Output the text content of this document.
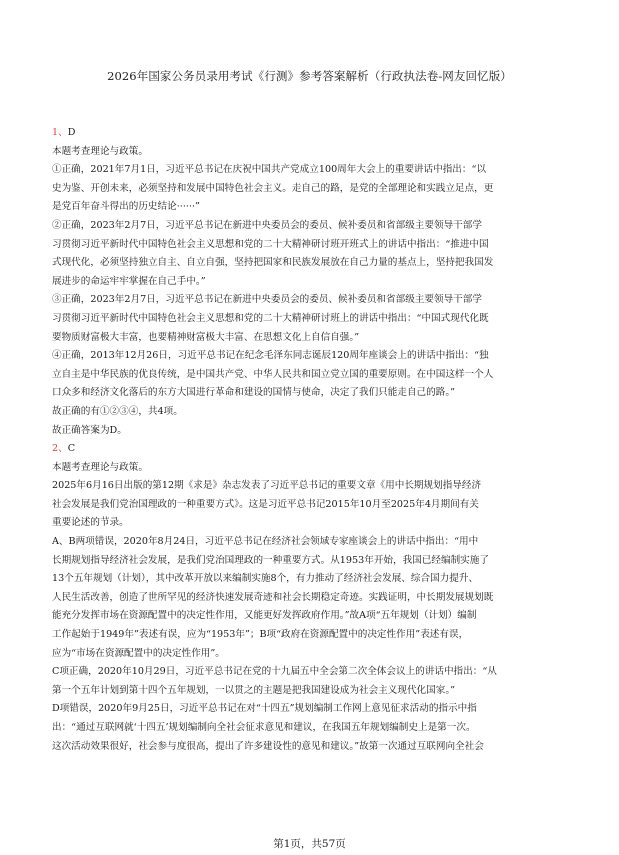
2026年国家公务员录用考试《行测》参考答案解析（行政执法卷-网友回忆版）
1、D
本题考查理论与政策。
①正确，2021年7月1日，习近平总书记在庆祝中国共产党成立100周年大会上的重要讲话中指出：“以
史为鉴、开创未来，必须坚持和发展中国特色社会主义。走自己的路，是党的全部理论和实践立足点，更
是党百年奋斗得出的历史结论······”
②正确，2023年2月7日，习近平总书记在新进中央委员会的委员、候补委员和省部级主要领导干部学
习贯彻习近平新时代中国特色社会主义思想和党的二十大精神研讨班开班式上的讲话中指出：“推进中国
式现代化，必须坚持独立自主、自立自强，坚持把国家和民族发展放在自己力量的基点上，坚持把我国发
展进步的命运牢牢掌握在自己手中。”
③正确，2023年2月7日，习近平总书记在新进中央委员会的委员、候补委员和省部级主要领导干部学
习贯彻习近平新时代中国特色社会主义思想和党的二十大精神研讨班上的讲话中指出：“中国式现代化既
要物质财富极大丰富，也要精神财富极大丰富、在思想文化上自信自强。”
④正确，2013年12月26日，习近平总书记在纪念毛泽东同志诞辰120周年座谈会上的讲话中指出：“独
立自主是中华民族的优良传统，是中国共产党、中华人民共和国立党立国的重要原则。在中国这样一个人
口众多和经济文化落后的东方大国进行革命和建设的国情与使命，决定了我们只能走自己的路。”
故正确的有①②③④，共4项。
故正确答案为D。
2、C
本题考查理论与政策。
2025年6月16日出版的第12期《求是》杂志发表了习近平总书记的重要文章《用中长期规划指导经济
社会发展是我们党治国理政的一种重要方式》。这是习近平总书记2015年10月至2025年4月期间有关
重要论述的节录。
A、B两项错误，2020年8月24日，习近平总书记在经济社会领域专家座谈会上的讲话中指出：“用中
长期规划指导经济社会发展，是我们党治国理政的一种重要方式。从1953年开始，我国已经编制实施了
13个五年规划（计划），其中改革开放以来编制实施8个，有力推动了经济社会发展、综合国力提升、
人民生活改善，创造了世所罕见的经济快速发展奇迹和社会长期稳定奇迹。实践证明，中长期发展规划既
能充分发挥市场在资源配置中的决定性作用，又能更好发挥政府作用。”故A项“五年规划（计划）编制
工作起始于1949年”表述有误，应为“1953年”；B项“政府在资源配置中的决定性作用”表述有误，
应为“市场在资源配置中的决定性作用”。
C项正确，2020年10月29日，习近平总书记在党的十九届五中全会第二次全体会议上的讲话中指出：“从
第一个五年计划到第十四个五年规划，一以贯之的主题是把我国建设成为社会主义现代化国家。”
D项错误，2020年9月25日，习近平总书记在对“十四五”规划编制工作网上意见征求活动的指示中指
出：“通过互联网就‘十四五’规划编制向全社会征求意见和建议，在我国五年规划编制史上是第一次。
这次活动效果很好，社会参与度很高，提出了许多建设性的意见和建议。”故第一次通过互联网向全社会
第1页，共57页
